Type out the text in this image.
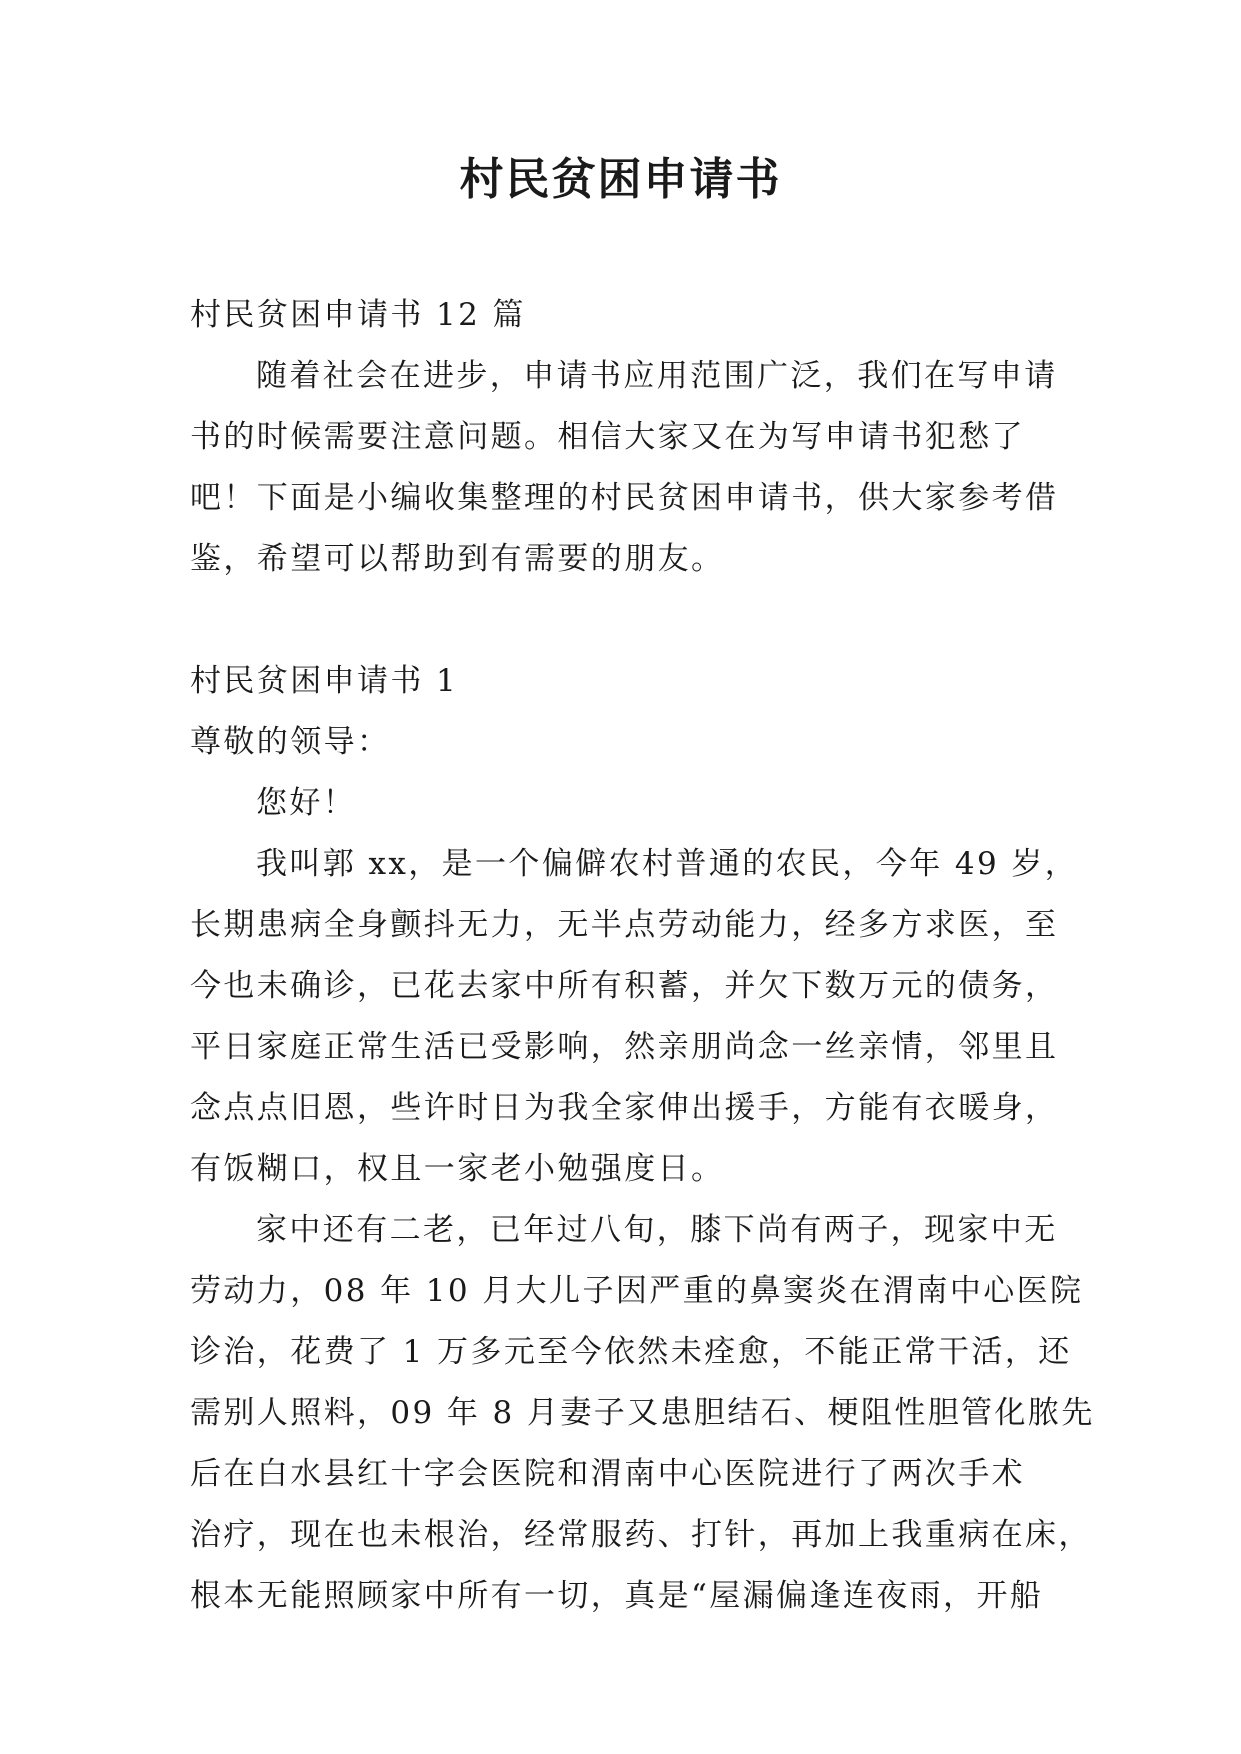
村民贫困申请书
村民贫困申请书 12 篇
随着社会在进步，申请书应用范围广泛，我们在写申请
书的时候需要注意问题。相信大家又在为写申请书犯愁了
吧！下面是小编收集整理的村民贫困申请书，供大家参考借
鉴，希望可以帮助到有需要的朋友。
村民贫困申请书 1
尊敬的领导：
您好！
我叫郭 xx，是一个偏僻农村普通的农民，今年 49 岁，
长期患病全身颤抖无力，无半点劳动能力，经多方求医，至
今也未确诊，已花去家中所有积蓄，并欠下数万元的债务，
平日家庭正常生活已受影响，然亲朋尚念一丝亲情，邻里且
念点点旧恩，些许时日为我全家伸出援手，方能有衣暖身，
有饭糊口，权且一家老小勉强度日。
家中还有二老，已年过八旬，膝下尚有两子，现家中无
劳动力，08 年 10 月大儿子因严重的鼻窦炎在渭南中心医院
诊治，花费了 1 万多元至今依然未痊愈，不能正常干活，还
需别人照料，09 年 8 月妻子又患胆结石、梗阻性胆管化脓先
后在白水县红十字会医院和渭南中心医院进行了两次手术
治疗，现在也未根治，经常服药、打针，再加上我重病在床，
根本无能照顾家中所有一切，真是“屋漏偏逢连夜雨，开船
